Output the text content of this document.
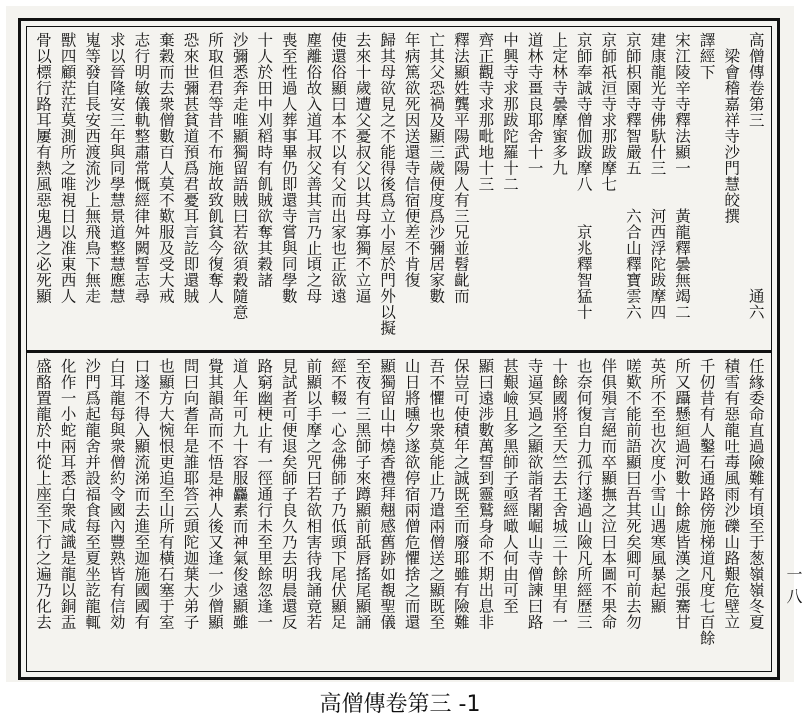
高僧傳卷第三　　　　　　　　　　通六
　梁會稽嘉祥寺沙門慧皎撰
譯經下
宋江陵辛寺釋法顯一　　黃龍釋曇無竭二
建康龍光寺佛馱什三　　河西浮陀跋摩四
京師枳園寺釋智嚴五　　六合山釋寶雲六
京師祇洹寺求那跋摩七
京師奉誠寺僧伽跋摩八　　京兆釋智猛十
上定林寺曇摩蜜多九
道林寺畺良耶舍十一
中興寺求那跋陀羅十二
齊正觀寺求那毗地十三
釋法顯姓龔平陽武陽人有三兄並髫齔而
亡其父恐禍及顯三歲便度爲沙彌居家數
年病篤欲死因送還寺信宿便差不肯復
歸其母欲見之不能得後爲立小屋於門外以擬
去來十歲遭父憂叔父以其母寡獨不立逼
使還俗顯曰本不以有父而出家也正欲遠
塵離俗故入道耳叔父善其言乃止頃之母
喪至性過人葬事畢仍即還寺嘗與同學數
十人於田中刈稻時有飢賊欲奪其穀諸
沙彌悉奔走唯顯獨留語賊曰若欲須穀隨意
所取但君等昔不布施故致飢貧今復奪人
恐來世彌甚貧道預爲君憂耳言訖即還賊
棄穀而去衆僧數百人莫不歎服及受大戒
志行明敏儀軌整肅常慨經律舛闕誓志尋
求以晉隆安三年與同學慧景道整慧應慧
嵬等發自長安西渡流沙上無飛鳥下無走
獸四顧茫茫莫測所之唯視日以准東西人
骨以標行路耳屢有熱風惡鬼遇之必死顯
任緣委命直過險難有頃至于葱嶺嶺冬夏
積雪有惡龍吐毒風雨沙礫山路艱危壁立
千仞昔有人鑿石通路傍施梯道凡度七百餘
所又躡懸絙過河數十餘處皆漢之張騫甘
英所不至也次度小雪山遇寒風暴起顯
嗟歎不能前語顯曰吾其死矣卿可前去勿
伴俱殞言絕而卒顯撫之泣曰本圖不果命
也奈何復自力孤行遂過山險凡所經歷三
十餘國將至天竺去王舍城三十餘里有一
寺逼冥過之顯欲詣者闍崛山寺僧諫曰路
甚艱嶮且多黑師子亟經噉人何由可至
顯曰遠涉數萬誓到靈鷲身命不期出息非
保豈可使積年之誠既至而廢耶雖有險難
吾不懼也衆莫能止乃遣兩僧送之顯既至
山日將曛夕遂欲停宿兩僧危懼捨之而還
顯獨留山中燒香禮拜翹感舊跡如覩聖儀
至夜有三黑師子來蹲顯前舐唇搖尾顯誦
經不輟一心念佛師子乃低頭下尾伏顯足
前顯以手摩之咒曰若欲相害待我誦竟若
見試者可便退矣師子良久乃去明晨還反
路窮幽梗止有一徑通行未至里餘忽逢一
道人年可九十容服麤素而神氣俊遠顯雖
覺其韻高而不悟是神人後又逢一少僧顯
問曰向耆年是誰耶答云頭陀迦葉大弟子
也顯方大惋恨更追至山所有橫石塞于室
口遂不得入顯流涕而去進至迦施國國有
白耳龍每與衆僧約令國內豐熟皆有信効
沙門爲起龍舍并設福食每至夏坐訖龍輒
化作一小蛇兩耳悉白衆咸識是龍以銅盂
盛酪置龍於中從上座至下行之遍乃化去	一八
高僧傳卷第三 -1
